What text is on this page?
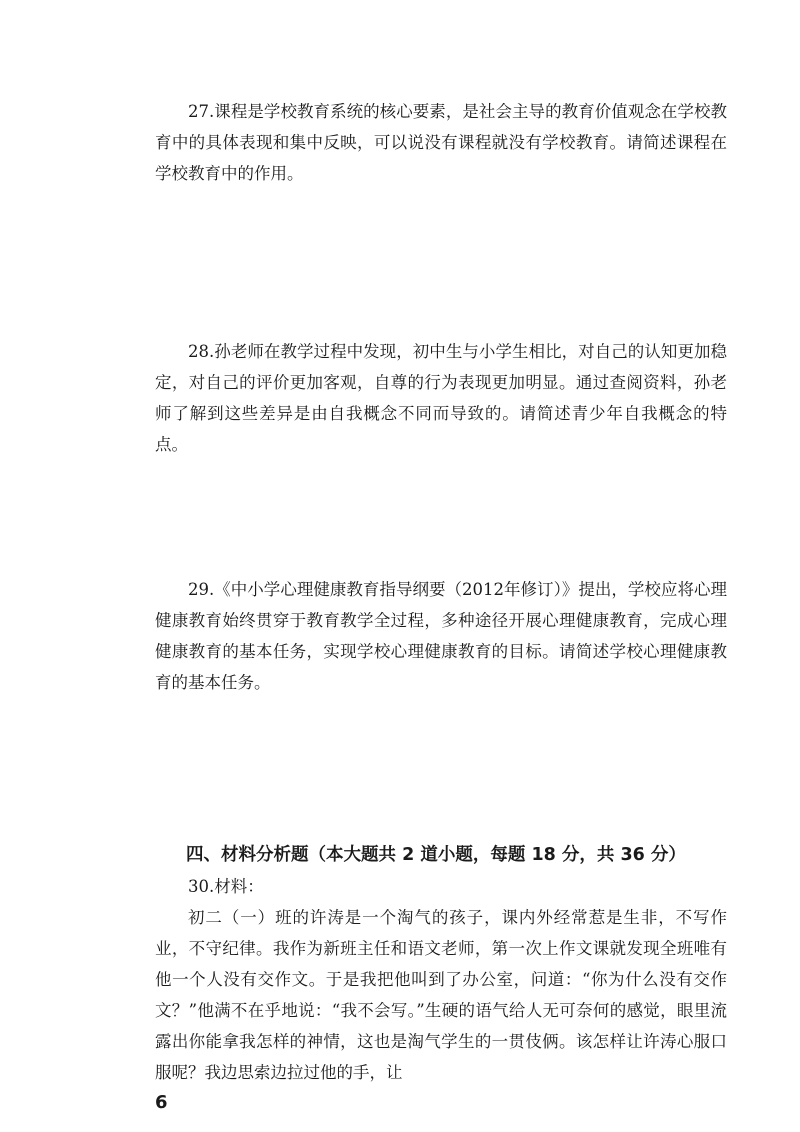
27.课程是学校教育系统的核心要素，是社会主导的教育价值观念在学校教育中的具体表现和集中反映，可以说没有课程就没有学校教育。请简述课程在学校教育中的作用。

28.孙老师在教学过程中发现，初中生与小学生相比，对自己的认知更加稳定，对自己的评价更加客观，自尊的行为表现更加明显。通过查阅资料，孙老师了解到这些差异是由自我概念不同而导致的。请简述青少年自我概念的特点。

29.《中小学心理健康教育指导纲要（2012年修订）》提出，学校应将心理健康教育始终贯穿于教育教学全过程，多种途径开展心理健康教育，完成心理健康教育的基本任务，实现学校心理健康教育的目标。请简述学校心理健康教育的基本任务。

四、材料分析题（本大题共 2 道小题，每题 18 分，共 36 分）

30.材料：

初二（一）班的许涛是一个淘气的孩子，课内外经常惹是生非，不写作业，不守纪律。我作为新班主任和语文老师，第一次上作文课就发现全班唯有他一个人没有交作文。于是我把他叫到了办公室，问道：“你为什么没有交作文？”他满不在乎地说：“我不会写。”生硬的语气给人无可奈何的感觉，眼里流露出你能拿我怎样的神情，这也是淘气学生的一贯伎俩。该怎样让许涛心服口服呢？我边思索边拉过他的手，让

6
